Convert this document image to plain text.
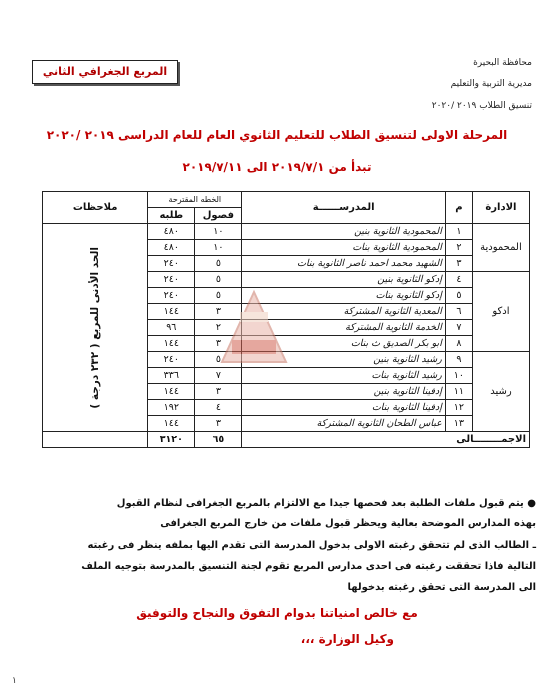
محافظة البحيرة
مديرية التربية والتعليم
تنسيق الطلاب ٢٠١٩ /٢٠٢٠
المربع الجغرافي الثاني
المرحلة الاولى لتنسيق الطلاب للتعليم الثانوي العام للعام الدراسى ٢٠١٩ /٢٠٢٠
تبدأ من ٢٠١٩/٧/١ الى ٢٠١٩/٧/١١
الادارة	م	المدرســــــة	الخطه المقترحة		ملاحظات
			فصول	طلبه	
المحمودية	١	المحمودية الثانوية بنين	١٠	٤٨٠	الحد الأدنى للمربع ( ٢٣٢ درجة )

	٢	المحمودية الثانوية بنات	١٠	٤٨٠	
	٣	الشهيد محمد احمد ناصر الثانوية بنات	٥	٢٤٠	
ادكو	٤	إدكو الثانوية بنين	٥	٢٤٠	
	٥	إدكو الثانوية بنات	٥	٢٤٠	
	٦	المعدية الثانوية المشتركة	٣	١٤٤	
	٧	الخدمة الثانوية المشتركة	٢	٩٦	
	٨	ابو بكر الصديق ث بنات	٣	١٤٤	
رشيد	٩	رشيد الثانوية بنين	٥	٢٤٠	
	١٠	رشيد الثانوية بنات	٧	٣٣٦	
	١١	إدفينا الثانوية بنين	٣	١٤٤	
	١٢	إدفينا الثانوية بنات	٤	١٩٢	
	١٣	عباس الطحان الثانوية المشتركة	٣	١٤٤	
الاجمــــــــالى			٦٥	٣١٢٠	
● يتم قبول ملفات الطلبة بعد فحصها جيدا مع الالتزام بالمربع الجغرافى لنظام القبول
بهذه المدارس الموضحة بعالية ويحظر قبول ملفات من خارج المربع الجغرافى
ـ الطالب الذى لم تتحقق رغبته الاولى بدخول المدرسة التى تقدم اليها بملفه ينظر فى رغبته
التالية فاذا تحققت رغبته فى احدى مدارس المربع تقوم لجنة التنسيق بالمدرسة بتوجيه الملف
الى المدرسة التى تحقق رغبته بدخولها
مع خالص امنياتنا بدوام التفوق والنجاح والتوفيق
وكيل الوزارة ،،،
١
